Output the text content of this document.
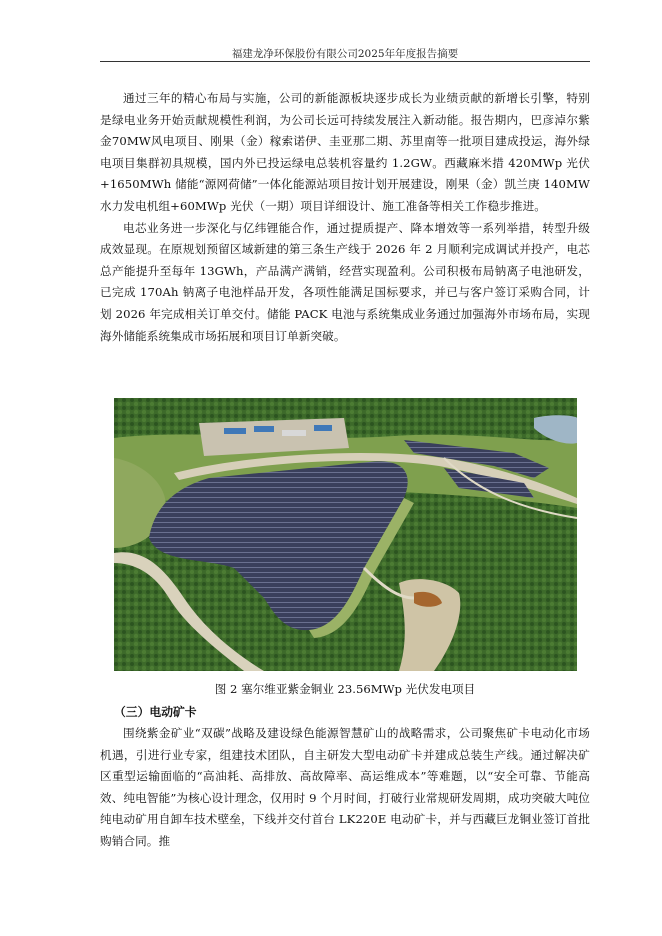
福建龙净环保股份有限公司2025年年度报告摘要

通过三年的精心布局与实施，公司的新能源板块逐步成长为业绩贡献的新增长引擎，特别是绿电业务开始贡献规模性利润，为公司长远可持续发展注入新动能。报告期内，巴彦淖尔紫金70MW风电项目、刚果（金）稼索诺伊、圭亚那二期、苏里南等一批项目建成投运，海外绿电项目集群初具规模，国内外已投运绿电总装机容量约 1.2GW。西藏麻米措 420MWp 光伏+1650MWh 储能“源网荷储”一体化能源站项目按计划开展建设，刚果（金）凯兰庚 140MW 水力发电机组+60MWp 光伏（一期）项目详细设计、施工准备等相关工作稳步推进。

电芯业务进一步深化与亿纬锂能合作，通过提质提产、降本增效等一系列举措，转型升级成效显现。在原规划预留区域新建的第三条生产线于 2026 年 2 月顺利完成调试并投产，电芯总产能提升至每年 13GWh，产品满产满销，经营实现盈利。公司积极布局钠离子电池研发，已完成 170Ah 钠离子电池样品开发，各项性能满足国标要求，并已与客户签订采购合同，计划 2026 年完成相关订单交付。储能 PACK 电池与系统集成业务通过加强海外市场布局，实现海外储能系统集成市场拓展和项目订单新突破。

图 2 塞尔维亚紫金铜业 23.56MWp 光伏发电项目
（三）电动矿卡

围绕紫金矿业“双碳”战略及建设绿色能源智慧矿山的战略需求，公司聚焦矿卡电动化市场机遇，引进行业专家，组建技术团队，自主研发大型电动矿卡并建成总装生产线。通过解决矿区重型运输面临的“高油耗、高排放、高故障率、高运维成本”等难题，以“安全可靠、节能高效、纯电智能”为核心设计理念，仅用时 9 个月时间，打破行业常规研发周期，成功突破大吨位纯电动矿用自卸车技术壁垒，下线并交付首台 LK220E 电动矿卡，并与西藏巨龙铜业签订首批购销合同。推
